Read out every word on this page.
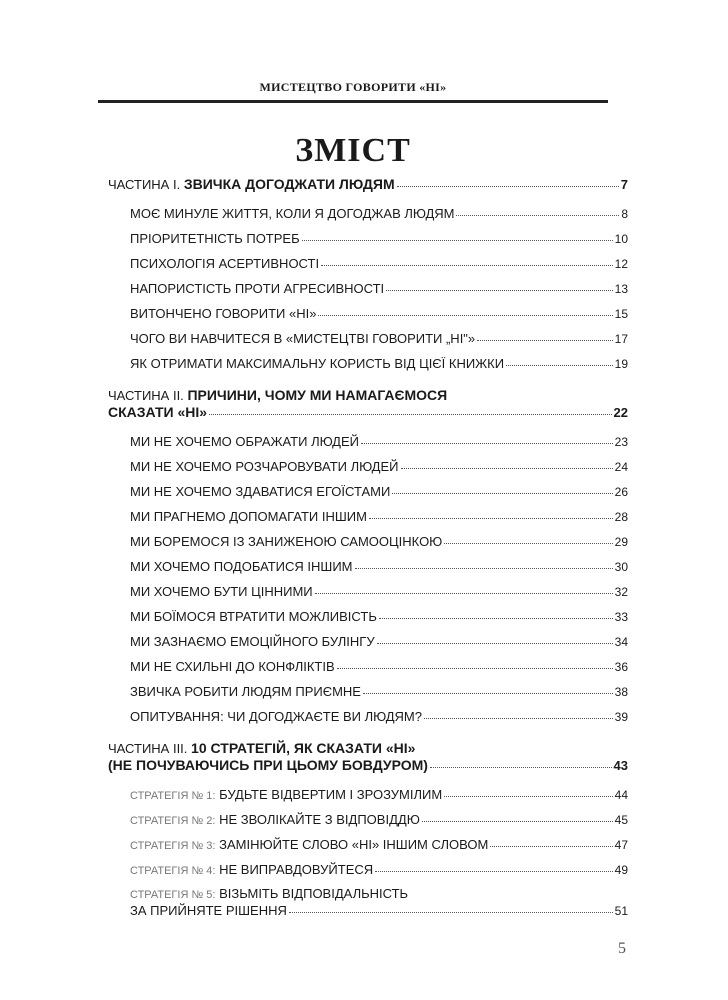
МИСТЕЦТВО ГОВОРИТИ «НІ»
ЗМІСТ
ЧАСТИНА І. ЗВИЧКА ДОГОДЖАТИ ЛЮДЯМ	7
МОЄ МИНУЛЕ ЖИТТЯ, КОЛИ Я ДОГОДЖАВ ЛЮДЯМ	8
ПРІОРИТЕТНІСТЬ ПОТРЕБ	10
ПСИХОЛОГІЯ АСЕРТИВНОСТІ	12
НАПОРИСТІСТЬ ПРОТИ АГРЕСИВНОСТІ	13
ВИТОНЧЕНО ГОВОРИТИ «НІ»	15
ЧОГО ВИ НАВЧИТЕСЯ В «МИСТЕЦТВІ ГОВОРИТИ „НІ"»	17
ЯК ОТРИМАТИ МАКСИМАЛЬНУ КОРИСТЬ ВІД ЦІЄЇ КНИЖКИ	19
ЧАСТИНА ІІ. ПРИЧИНИ, ЧОМУ МИ НАМАГАЄМОСЯ
СКАЗАТИ «НІ»	22
МИ НЕ ХОЧЕМО ОБРАЖАТИ ЛЮДЕЙ	23
МИ НЕ ХОЧЕМО РОЗЧАРОВУВАТИ ЛЮДЕЙ	24
МИ НЕ ХОЧЕМО ЗДАВАТИСЯ ЕГОЇСТАМИ	26
МИ ПРАГНЕМО ДОПОМАГАТИ ІНШИМ	28
МИ БОРЕМОСЯ ІЗ ЗАНИЖЕНОЮ САМООЦІНКОЮ	29
МИ ХОЧЕМО ПОДОБАТИСЯ ІНШИМ	30
МИ ХОЧЕМО БУТИ ЦІННИМИ	32
МИ БОЇМОСЯ ВТРАТИТИ МОЖЛИВІСТЬ	33
МИ ЗАЗНАЄМО ЕМОЦІЙНОГО БУЛІНГУ	34
МИ НЕ СХИЛЬНІ ДО КОНФЛІКТІВ	36
ЗВИЧКА РОБИТИ ЛЮДЯМ ПРИЄМНЕ	38
ОПИТУВАННЯ: ЧИ ДОГОДЖАЄТЕ ВИ ЛЮДЯМ?	39
ЧАСТИНА ІІІ. 10 СТРАТЕГІЙ, ЯК СКАЗАТИ «НІ»
(НЕ ПОЧУВАЮЧИСЬ ПРИ ЦЬОМУ БОВДУРОМ)	43
СТРАТЕГІЯ № 1: БУДЬТЕ ВІДВЕРТИМ І ЗРОЗУМІЛИМ	44
СТРАТЕГІЯ № 2: НЕ ЗВОЛІКАЙТЕ З ВІДПОВІДДЮ	45
СТРАТЕГІЯ № 3: ЗАМІНЮЙТЕ СЛОВО «НІ» ІНШИМ СЛОВОМ	47
СТРАТЕГІЯ № 4: НЕ ВИПРАВДОВУЙТЕСЯ	49
СТРАТЕГІЯ № 5: ВІЗЬМІТЬ ВІДПОВІДАЛЬНІСТЬ
ЗА ПРИЙНЯТЕ РІШЕННЯ	51
5
